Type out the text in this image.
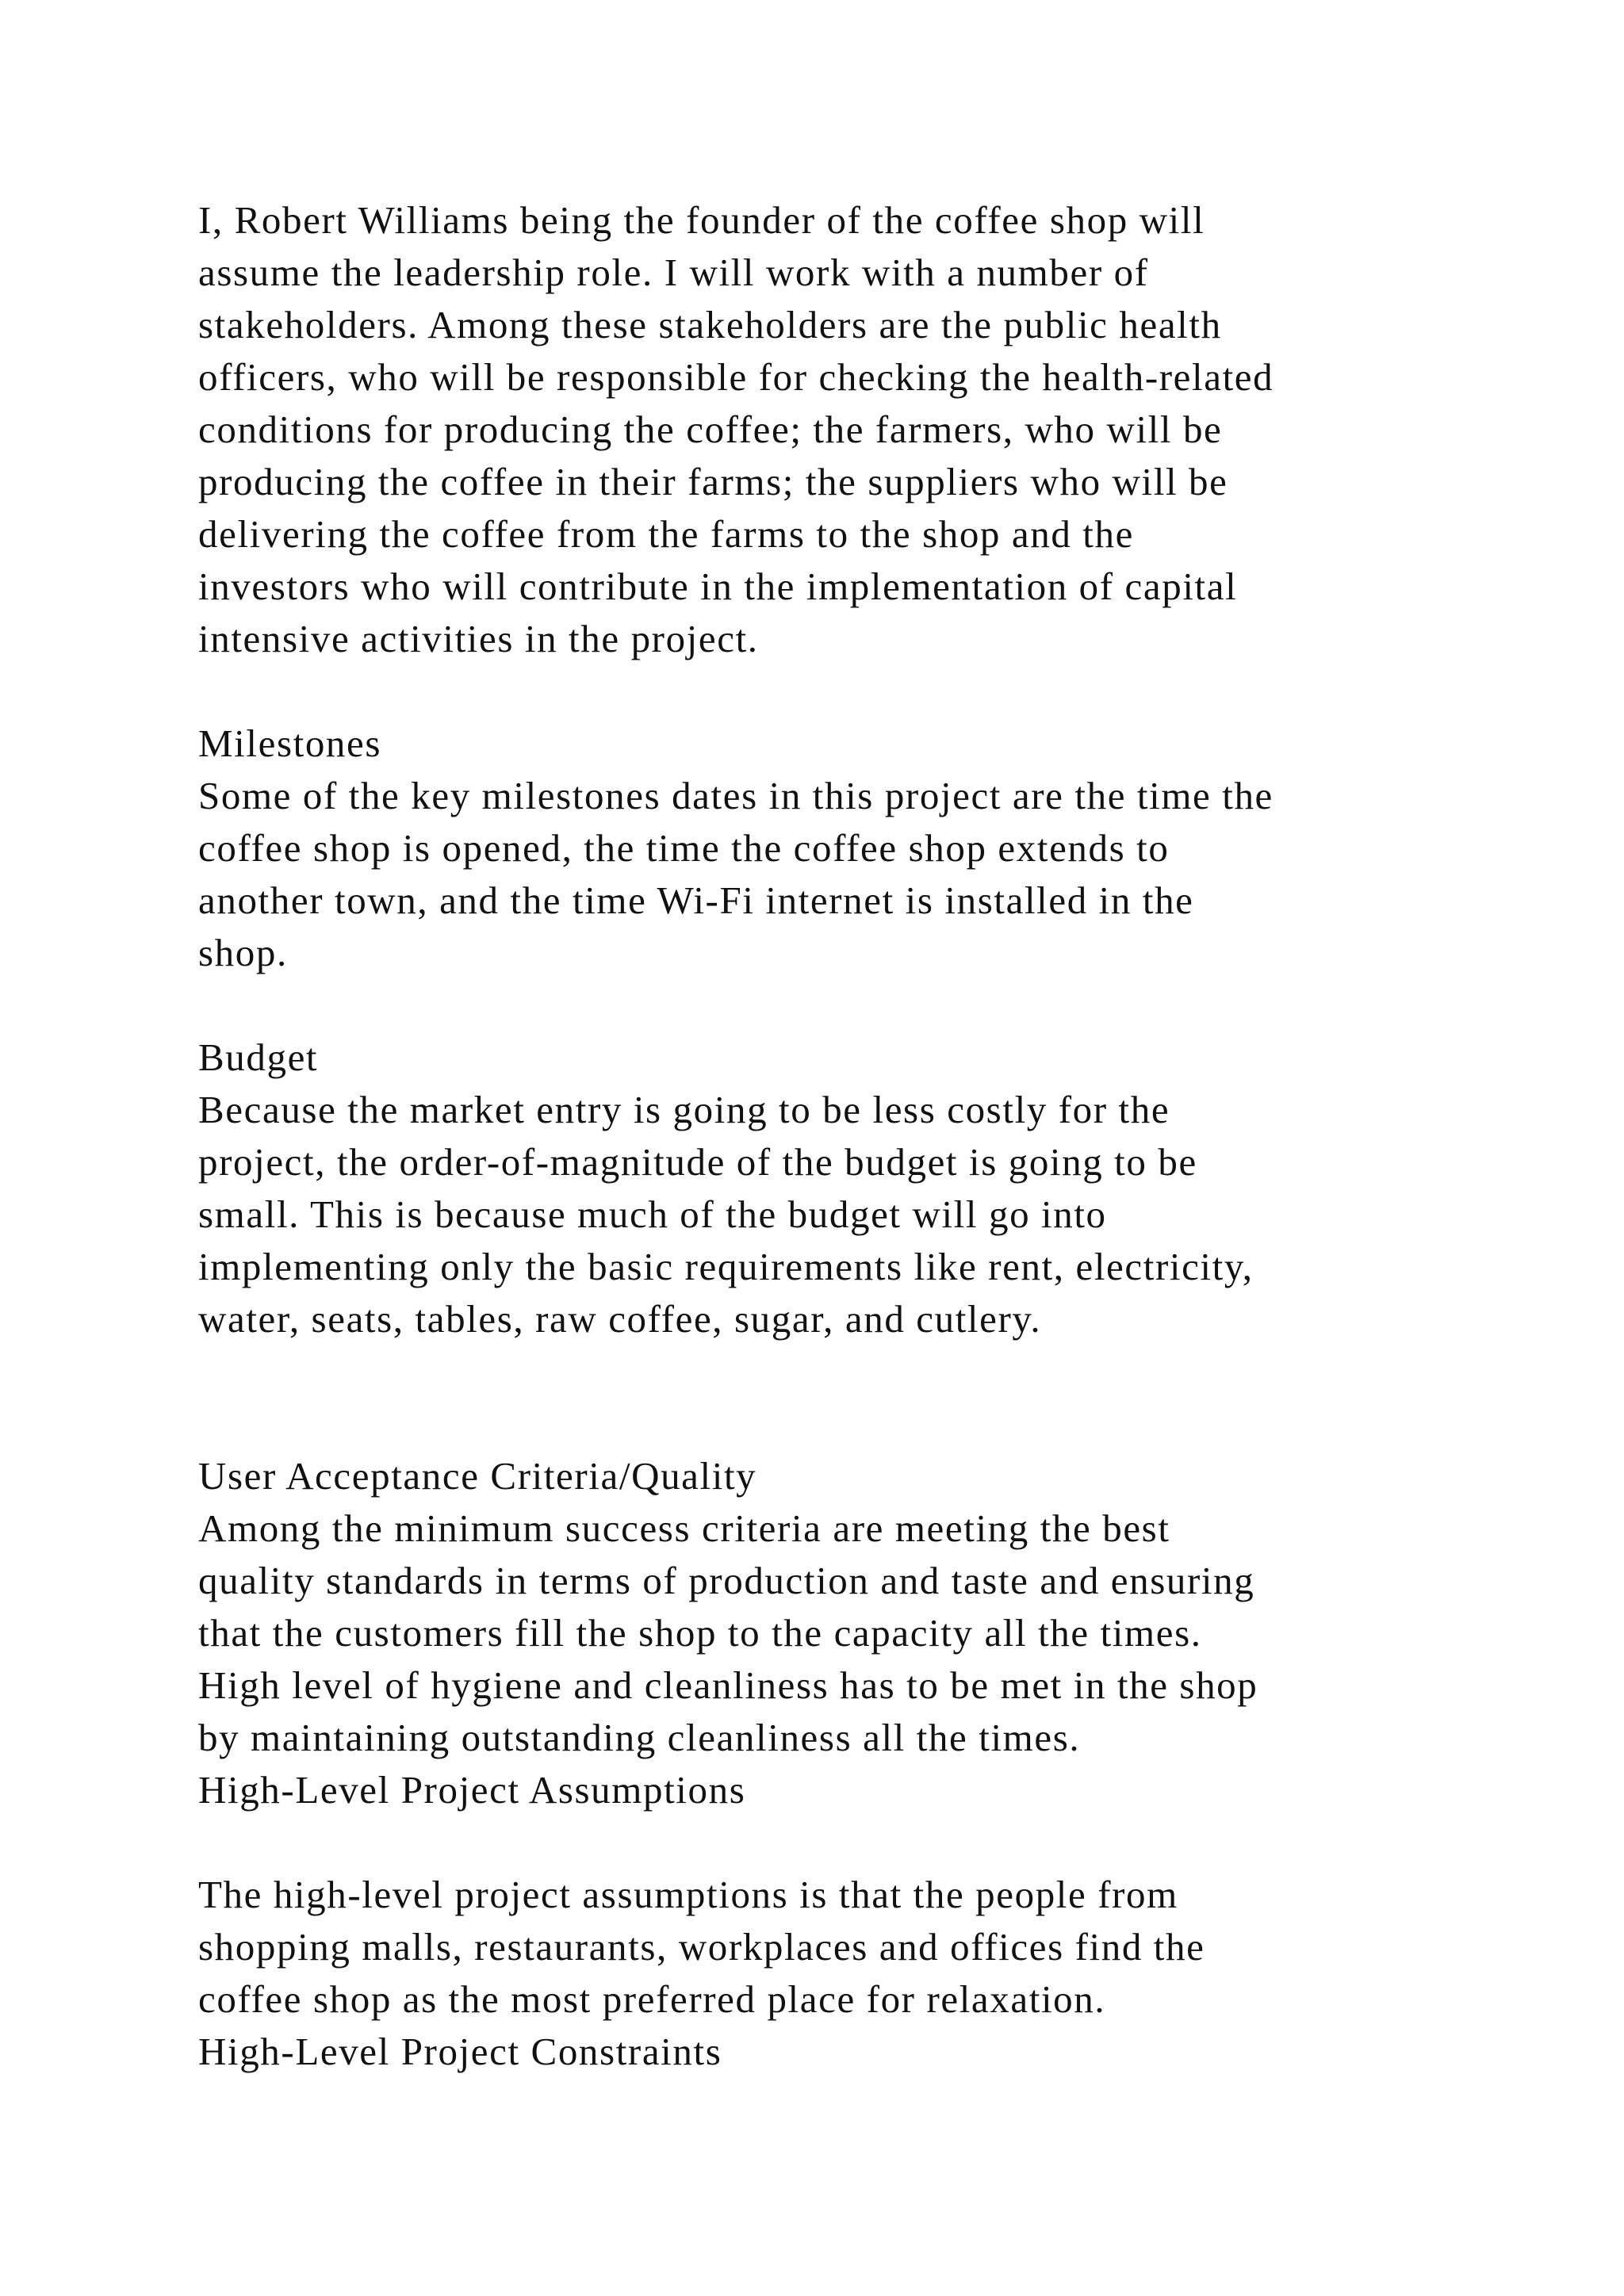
I, Robert Williams being the founder of the coffee shop will
assume the leadership role. I will work with a number of
stakeholders. Among these stakeholders are the public health
officers, who will be responsible for checking the health-related
conditions for producing the coffee; the farmers, who will be
producing the coffee in their farms; the suppliers who will be
delivering the coffee from the farms to the shop and the
investors who will contribute in the implementation of capital
intensive activities in the project.
Milestones
Some of the key milestones dates in this project are the time the
coffee shop is opened, the time the coffee shop extends to
another town, and the time Wi-Fi internet is installed in the
shop.
Budget
Because the market entry is going to be less costly for the
project, the order-of-magnitude of the budget is going to be
small. This is because much of the budget will go into
implementing only the basic requirements like rent, electricity,
water, seats, tables, raw coffee, sugar, and cutlery.
User Acceptance Criteria/Quality
Among the minimum success criteria are meeting the best
quality standards in terms of production and taste and ensuring
that the customers fill the shop to the capacity all the times.
High level of hygiene and cleanliness has to be met in the shop
by maintaining outstanding cleanliness all the times.
High-Level Project Assumptions
The high-level project assumptions is that the people from
shopping malls, restaurants, workplaces and offices find the
coffee shop as the most preferred place for relaxation.
High-Level Project Constraints
